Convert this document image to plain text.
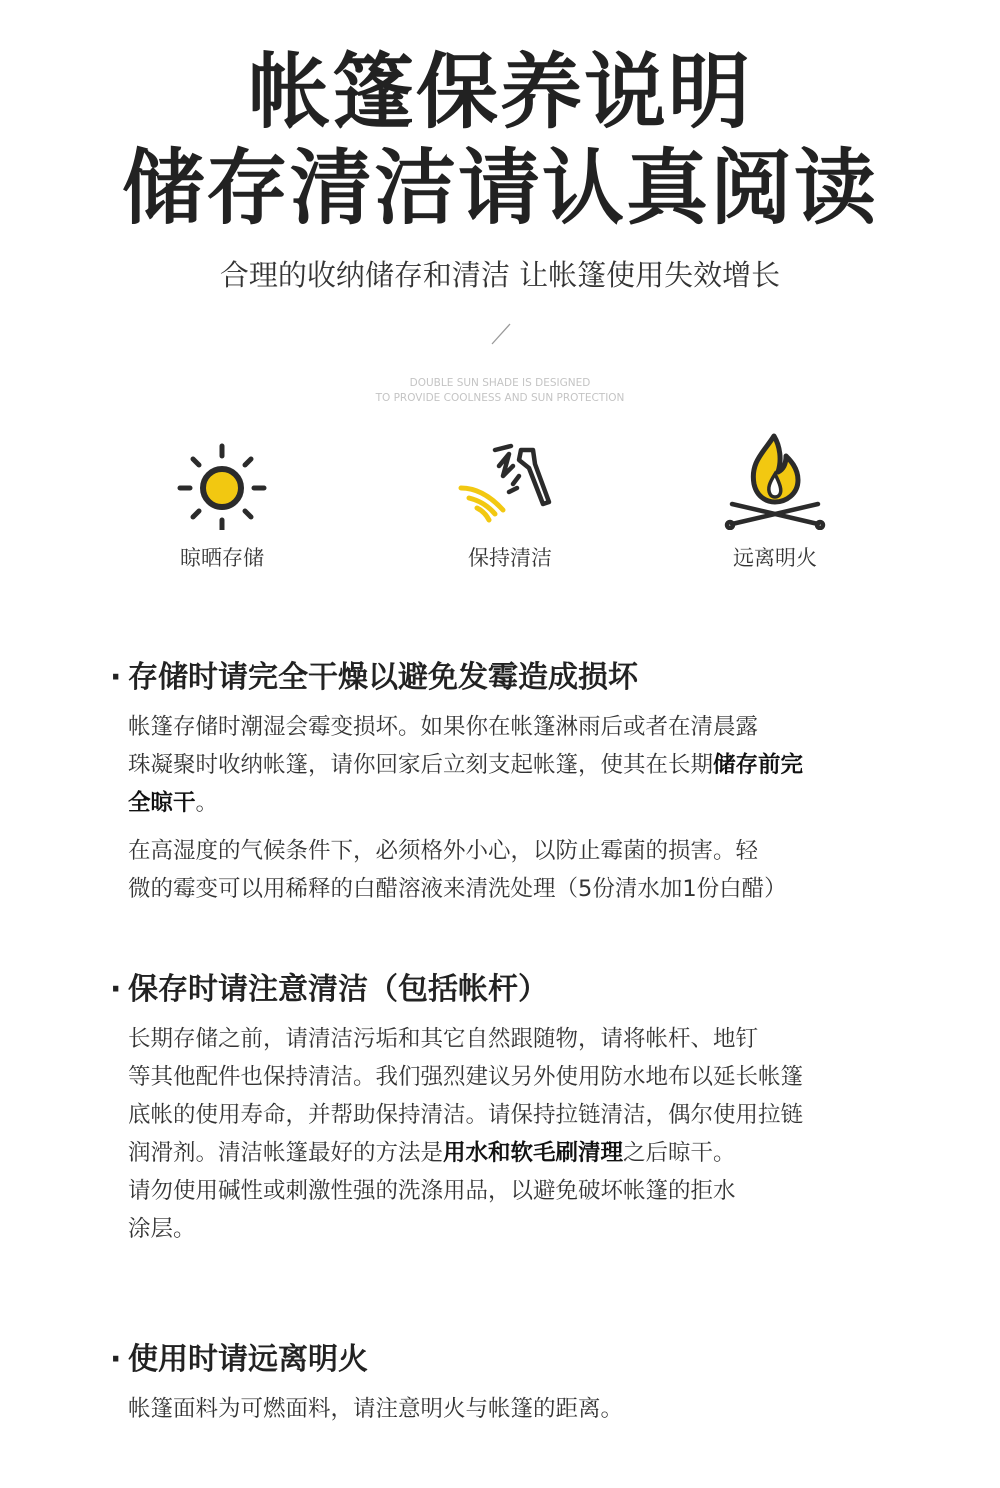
帐篷保养说明
储存清洁请认真阅读
合理的收纳储存和清洁 让帐篷使用失效增长
DOUBLE SUN SHADE IS DESIGNED
TO PROVIDE COOLNESS AND SUN PROTECTION
晾晒存储	保持清洁	远离明火
· 存储时请完全干燥以避免发霉造成损坏
帐篷存储时潮湿会霉变损坏。如果你在帐篷淋雨后或者在清晨露
珠凝聚时收纳帐篷，请你回家后立刻支起帐篷，使其在长期储存前完
全晾干。
在高湿度的气候条件下，必须格外小心，以防止霉菌的损害。轻
微的霉变可以用稀释的白醋溶液来清洗处理（5份清水加1份白醋）
· 保存时请注意清洁（包括帐杆）
长期存储之前，请清洁污垢和其它自然跟随物，请将帐杆、地钉
等其他配件也保持清洁。我们强烈建议另外使用防水地布以延长帐篷
底帐的使用寿命，并帮助保持清洁。请保持拉链清洁，偶尔使用拉链
润滑剂。清洁帐篷最好的方法是用水和软毛刷清理之后晾干。
请勿使用碱性或刺激性强的洗涤用品，以避免破坏帐篷的拒水
涂层。
· 使用时请远离明火
帐篷面料为可燃面料，请注意明火与帐篷的距离。
